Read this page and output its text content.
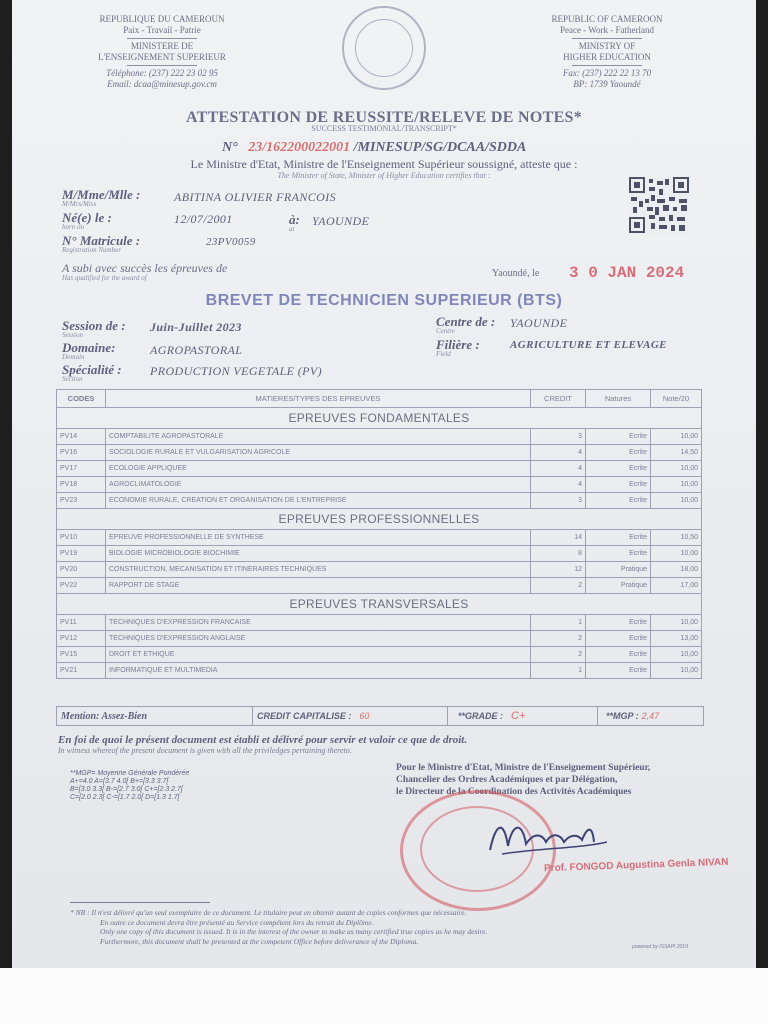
REPUBLIQUE DU CAMEROUN
Paix - Travail - Patrie
MINISTERE DE
L'ENSEIGNEMENT SUPERIEUR
Téléphone: (237) 222 23 02 95
Email: dcaa@minesup.gov.cm
REPUBLIC OF CAMEROON
Peace - Work - Fatherland
MINISTRY OF
HIGHER EDUCATION
Fax: (237) 222 22 13 70
BP: 1739 Yaoundé
ATTESTATION DE REUSSITE/RELEVE DE NOTES*
SUCCESS TESTIMONIAL/TRANSCRIPT*
N° 23/162200022001 /MINESUP/SG/DCAA/SDDA
Le Ministre d'Etat, Ministre de l'Enseignement Supérieur soussigné, atteste que :
The Minister of State, Minister of Higher Education certifies that :
M/Mme/Mlle :
M/Mrs/Miss	ABITINA OLIVIER FRANCOIS
Né(e) le :
born on
12/07/2001	à:
at
YAOUNDE
N° Matricule :
Registration Number
23PV0059
A subi avec succès les épreuves de
Has qualified for the award of	Yaoundé, le 3 0 JAN 2024
BREVET DE TECHNICIEN SUPERIEUR (BTS)
Session de :
Session
Juin-Juillet 2023
Domaine:
Domain	AGROPASTORAL
Spécialité :
Section
PRODUCTION VEGETALE (PV)
Centre de :
Centre
YAOUNDE
Filière :
Field
AGRICULTURE ET ELEVAGE
CODES	MATIERES/TYPES DES EPREUVES	CREDIT	Natures	Note/20
EPREUVES FONDAMENTALES				
PV14	COMPTABILITE AGROPASTORALE	3	Ecrite	10,00
PV16	SOCIOLOGIE RURALE ET VULGARISATION AGRICOLE	4	Ecrite	14,50
PV17	ECOLOGIE APPLIQUEE	4	Ecrite	10,00
PV18	AGROCLIMATOLOGIE	4	Ecrite	10,00
PV23	ECONOMIE RURALE, CREATION ET ORGANISATION DE L'ENTREPRISE	3	Ecrite	10,00
EPREUVES PROFESSIONNELLES				
PV10	EPREUVE PROFESSIONNELLE DE SYNTHESE	14	Ecrite	10,50
PV19	BIOLOGIE MICROBIOLOGIE BIOCHIMIE	8	Ecrite	10,00
PV20	CONSTRUCTION, MECANISATION ET ITINERAIRES TECHNIQUES	12	Pratique	18,00
PV22	RAPPORT DE STAGE	2	Pratique	17,00
EPREUVES TRANSVERSALES				
PV11	TECHNIQUES D'EXPRESSION FRANCAISE	1	Ecrite	10,00
PV12	TECHNIQUES D'EXPRESSION ANGLAISE	2	Ecrite	13,00
PV15	DROIT ET ETHIQUE	2	Ecrite	10,00
PV21	INFORMATIQUE ET MULTIMEDIA	1	Ecrite	10,00
Mention: Assez-Bien	CREDIT CAPITALISE : 60	**GRADE : C+	**MGP : 2,47
En foi de quoi le présent document est établi et délivré pour servir et valoir ce que de droit.
In witness whereof the present document is given with all the priviledges pertaining thereto.
**MGP= Moyenne Générale Pondérée
A+=4.0 A=[3.7 4.0[ B+=[3.3 3.7[
B=[3.0 3.3[ B-=[2.7 3.0[ C+=[2.3 2.7[
C=[2.0 2.3[ C-=[1.7 2.0[ D=[1.3 1.7[
Pour le Ministre d'Etat, Ministre de l'Enseignement Supérieur,
Chancelier des Ordres Académiques et par Délégation,
le Directeur de la Coordination des Activités Académiques
Prof. FONGOD Augustina Genla NIVAN
* NB : Il n'est délivré qu'un seul exemplaire de ce document. Le titulaire peut en obtenir autant de copies conformes que nécessaire.
En outre ce document devra être présenté au Service compétent lors du retrait du Diplôme.
Only one copy of this document is issued. It is in the interest of the owner to make as many certified true copies as he may desire.
Furthermore, this document shall be presented at the competent Office before deliverance of the Diploma.
powered by ISSAPI 2019
